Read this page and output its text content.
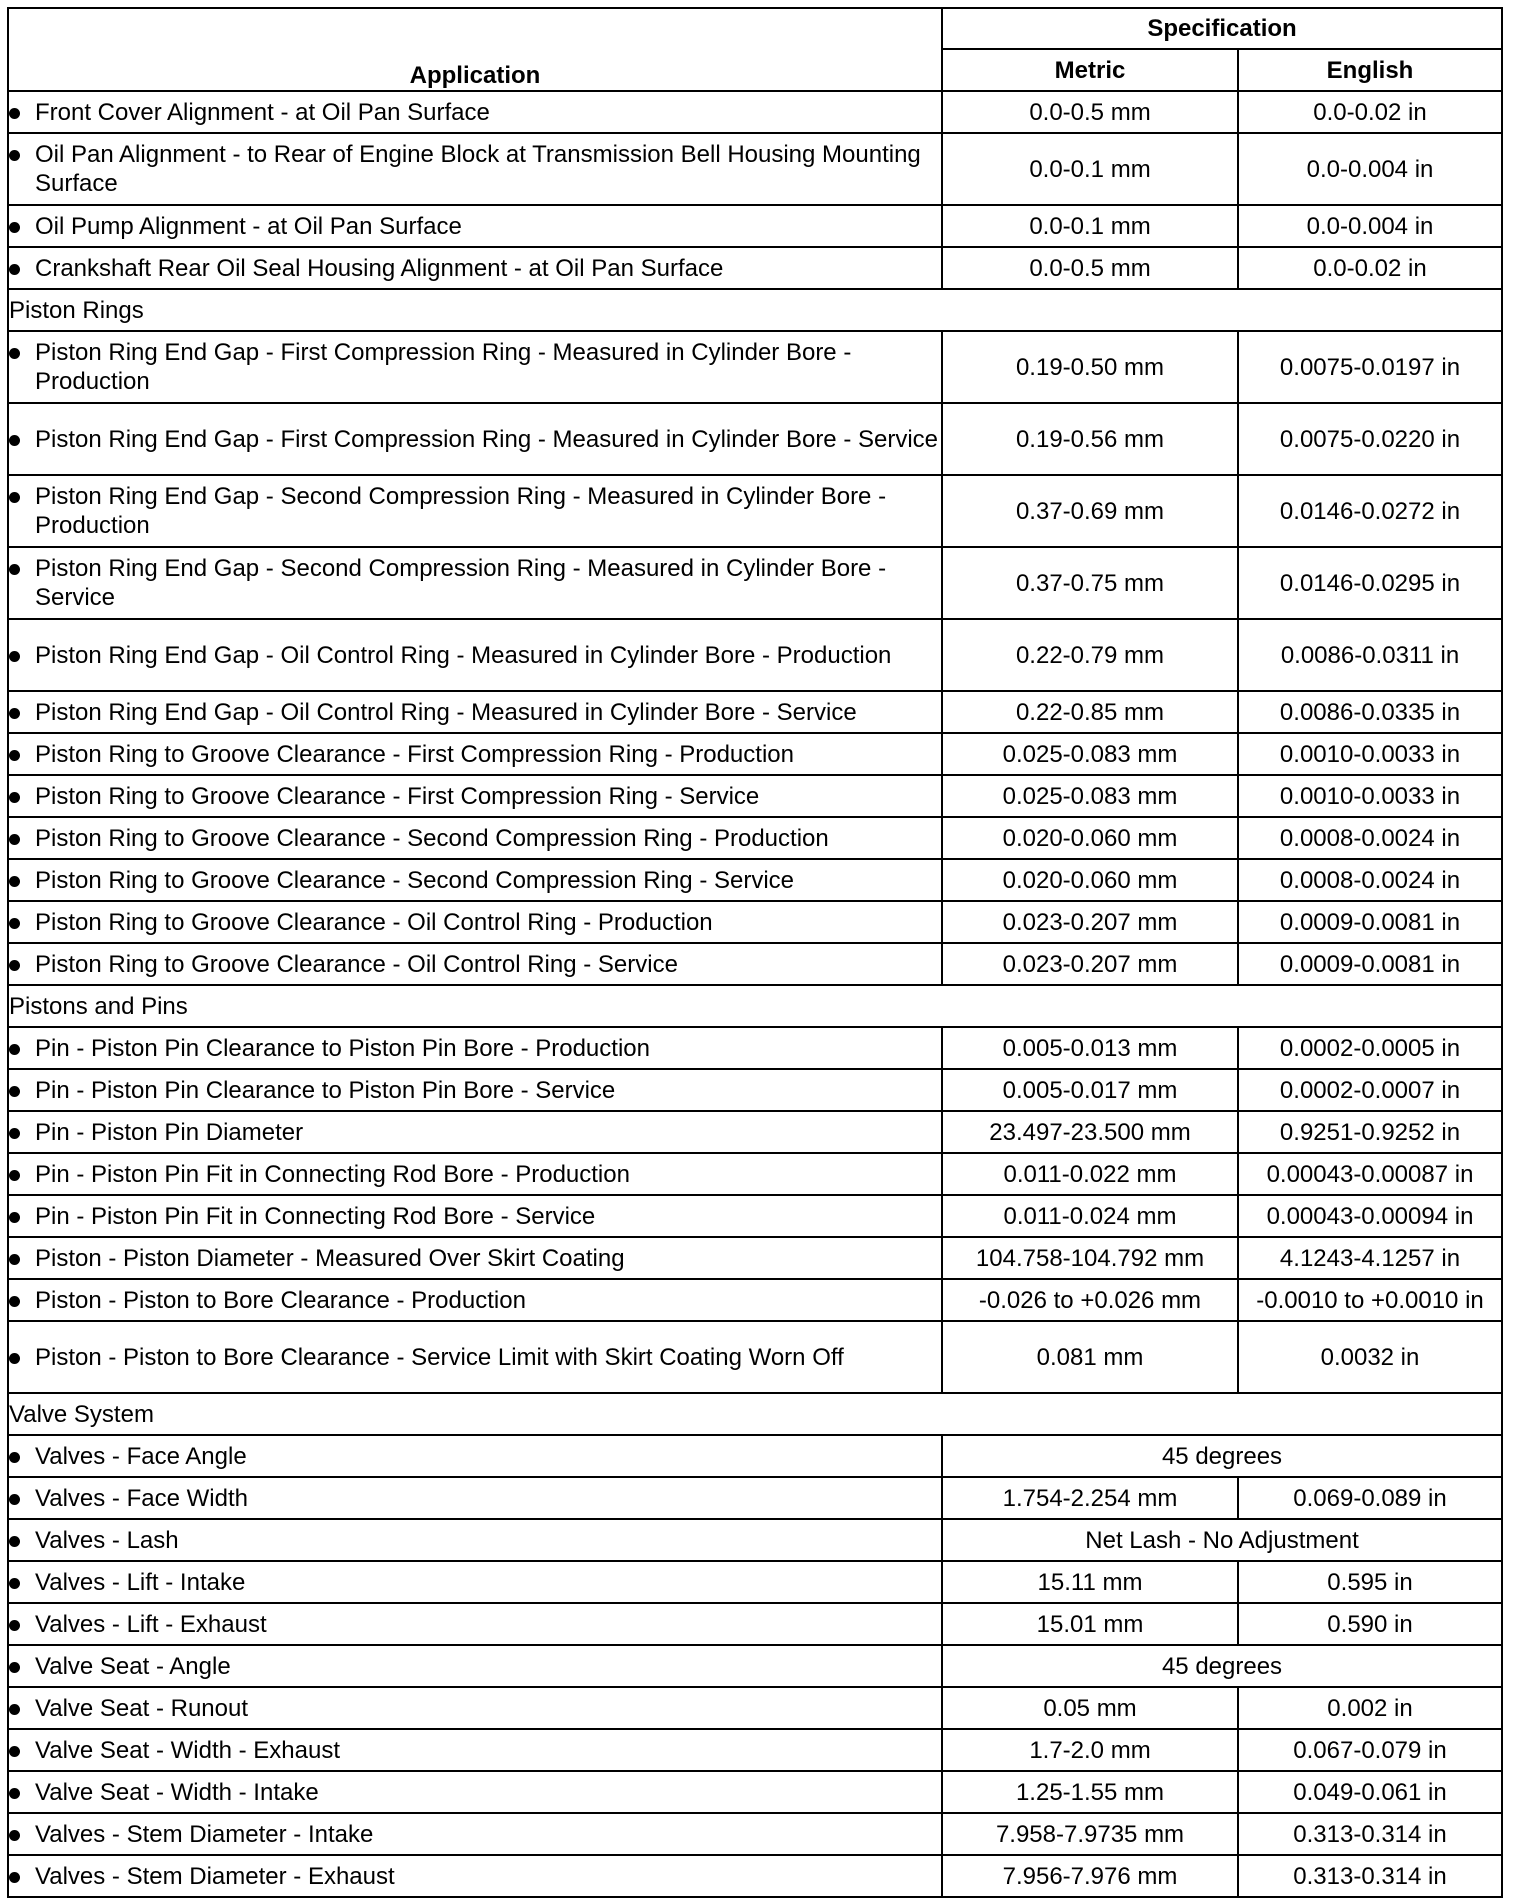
Application	Specification	
	Metric	English

Front Cover Alignment - at Oil Pan Surface	0.0-0.5 mm	0.0-0.02 in

Oil Pan Alignment - to Rear of Engine Block at Transmission Bell Housing Mounting Surface	0.0-0.1 mm	0.0-0.004 in

Oil Pump Alignment - at Oil Pan Surface	0.0-0.1 mm	0.0-0.004 in

Crankshaft Rear Oil Seal Housing Alignment - at Oil Pan Surface	0.0-0.5 mm	0.0-0.02 in
Piston Rings		

Piston Ring End Gap - First Compression Ring - Measured in Cylinder Bore - Production	0.19-0.50 mm	0.0075-0.0197 in

Piston Ring End Gap - First Compression Ring - Measured in Cylinder Bore - Service	0.19-0.56 mm	0.0075-0.0220 in

Piston Ring End Gap - Second Compression Ring - Measured in Cylinder Bore - Production	0.37-0.69 mm	0.0146-0.0272 in

Piston Ring End Gap - Second Compression Ring - Measured in Cylinder Bore - Service	0.37-0.75 mm	0.0146-0.0295 in

Piston Ring End Gap - Oil Control Ring - Measured in Cylinder Bore - Production	0.22-0.79 mm	0.0086-0.0311 in

Piston Ring End Gap - Oil Control Ring - Measured in Cylinder Bore - Service	0.22-0.85 mm	0.0086-0.0335 in

Piston Ring to Groove Clearance - First Compression Ring - Production	0.025-0.083 mm	0.0010-0.0033 in

Piston Ring to Groove Clearance - First Compression Ring - Service	0.025-0.083 mm	0.0010-0.0033 in

Piston Ring to Groove Clearance - Second Compression Ring - Production	0.020-0.060 mm	0.0008-0.0024 in

Piston Ring to Groove Clearance - Second Compression Ring - Service	0.020-0.060 mm	0.0008-0.0024 in

Piston Ring to Groove Clearance - Oil Control Ring - Production	0.023-0.207 mm	0.0009-0.0081 in

Piston Ring to Groove Clearance - Oil Control Ring - Service	0.023-0.207 mm	0.0009-0.0081 in
Pistons and Pins		

Pin - Piston Pin Clearance to Piston Pin Bore - Production	0.005-0.013 mm	0.0002-0.0005 in

Pin - Piston Pin Clearance to Piston Pin Bore - Service	0.005-0.017 mm	0.0002-0.0007 in

Pin - Piston Pin Diameter	23.497-23.500 mm	0.9251-0.9252 in

Pin - Piston Pin Fit in Connecting Rod Bore - Production	0.011-0.022 mm	0.00043-0.00087 in

Pin - Piston Pin Fit in Connecting Rod Bore - Service	0.011-0.024 mm	0.00043-0.00094 in

Piston - Piston Diameter - Measured Over Skirt Coating	104.758-104.792 mm	4.1243-4.1257 in

Piston - Piston to Bore Clearance - Production	-0.026 to +0.026 mm	-0.0010 to +0.0010 in

Piston - Piston to Bore Clearance - Service Limit with Skirt Coating Worn Off	0.081 mm	0.0032 in
Valve System		

Valves - Face Angle	45 degrees	

Valves - Face Width	1.754-2.254 mm	0.069-0.089 in

Valves - Lash	Net Lash - No Adjustment	

Valves - Lift - Intake	15.11 mm	0.595 in

Valves - Lift - Exhaust	15.01 mm	0.590 in

Valve Seat - Angle	45 degrees	

Valve Seat - Runout	0.05 mm	0.002 in

Valve Seat - Width - Exhaust	1.7-2.0 mm	0.067-0.079 in

Valve Seat - Width - Intake	1.25-1.55 mm	0.049-0.061 in

Valves - Stem Diameter - Intake	7.958-7.9735 mm	0.313-0.314 in

Valves - Stem Diameter - Exhaust	7.956-7.976 mm	0.313-0.314 in
